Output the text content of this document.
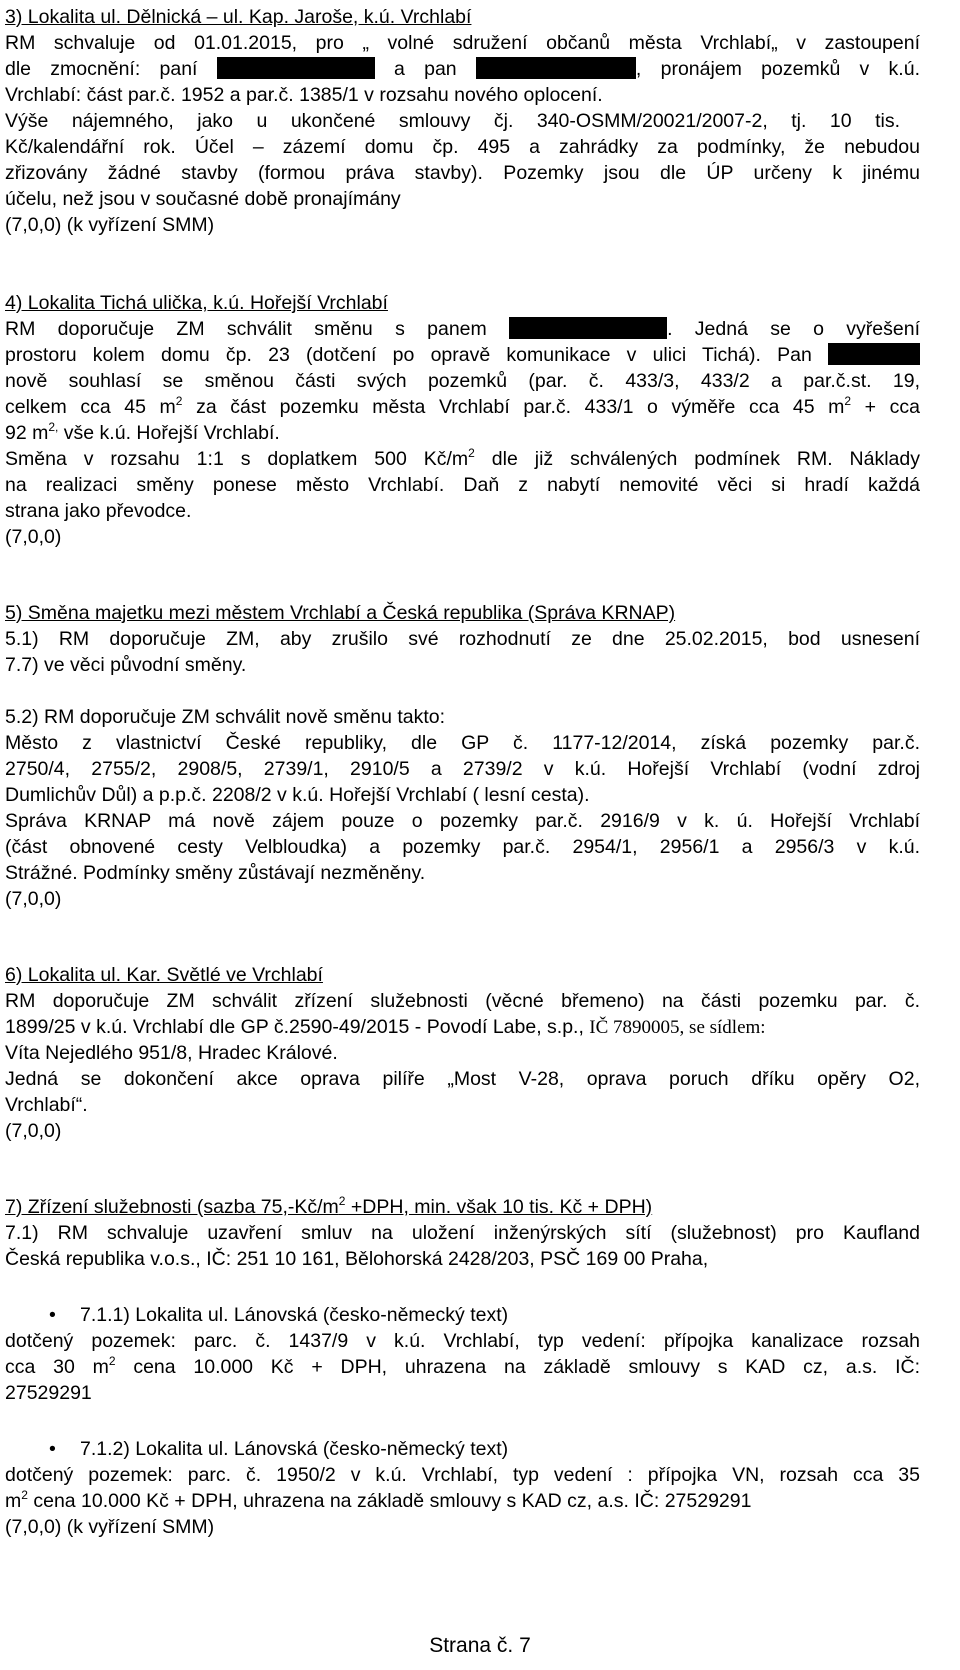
3) Lokalita ul. Dělnická – ul. Kap. Jaroše, k.ú. Vrchlabí
RM schvaluje od 01.01.2015, pro „ volné sdružení občanů města Vrchlabí„ v zastoupení
dle zmocnění: paní	a pan	, pronájem pozemků v k.ú.
Vrchlabí: část par.č. 1952 a par.č. 1385/1 v rozsahu nového oplocení.
Výše nájemného, jako u ukončené smlouvy čj. 340-OSMM/20021/2007-2, tj. 10 tis.
Kč/kalendářní rok. Účel – zázemí domu čp. 495 a zahrádky za podmínky, že nebudou
zřizovány žádné stavby (formou práva stavby). Pozemky jsou dle ÚP určeny k jinému
účelu, než jsou v současné době pronajímány
(7,0,0) (k vyřízení SMM)
4) Lokalita Tichá ulička, k.ú. Hořejší Vrchlabí
RM doporučuje ZM schválit směnu s panem	. Jedná se o vyřešení
prostoru kolem domu čp. 23 (dotčení po opravě komunikace v ulici Tichá). Pan
nově souhlasí se směnou části svých pozemků (par. č. 433/3, 433/2 a par.č.st. 19,
celkem cca 45 $m^2$ za část pozemku města Vrchlabí par.č. 433/1 o výměře cca 45 $m^2$ + cca
92 $m^{2,}$ vše k.ú. Hořejší Vrchlabí.
Směna v rozsahu 1:1 s doplatkem 500 $Kč/m^2$ dle již schválených podmínek RM. Náklady
na realizaci směny ponese město Vrchlabí. Daň z nabytí nemovité věci si hradí každá
strana jako převodce.
(7,0,0)
5) Směna majetku mezi městem Vrchlabí a Česká republika (Správa KRNAP)
5.1) RM doporučuje ZM, aby zrušilo své rozhodnutí ze dne 25.02.2015, bod usnesení
7.7) ve věci původní směny.
5.2) RM doporučuje ZM schválit nově směnu takto:
Město z vlastnictví České republiky, dle GP č. 1177-12/2014, získá pozemky par.č.
2750/4, 2755/2, 2908/5, 2739/1, 2910/5 a 2739/2 v k.ú. Hořejší Vrchlabí (vodní zdroj
Dumlichův Důl) a p.p.č. 2208/2 v k.ú. Hořejší Vrchlabí ( lesní cesta).
Správa KRNAP má nově zájem pouze o pozemky par.č. 2916/9 v k. ú. Hořejší Vrchlabí
(část obnovené cesty Velbloudka) a pozemky par.č. 2954/1, 2956/1 a 2956/3 v k.ú.
Strážné. Podmínky směny zůstávají nezměněny.
(7,0,0)
6) Lokalita ul. Kar. Světlé ve Vrchlabí
RM doporučuje ZM schválit zřízení služebnosti (věcné břemeno) na části pozemku par. č.
1899/25 v k.ú. Vrchlabí dle GP č.2590-49/2015 - Povodí Labe, s.p., IČ 7890005, se sídlem:
Víta Nejedlého 951/8, Hradec Králové.
Jedná se dokončení akce oprava pilíře „Most V-28, oprava poruch dříku opěry O2,
Vrchlabí“.
(7,0,0)
7) Zřízení služebnosti (sazba $75,-Kč/m^2 +DPH$, min. však 10 tis. Kč + DPH)
7.1) RM schvaluje uzavření smluv na uložení inženýrských sítí (služebnost) pro Kaufland
Česká republika v.o.s., IČ: 251 10 161, Bělohorská 2428/203, PSČ 169 00 Praha,
• 7.1.1) Lokalita ul. Lánovská (česko-německý text)
dotčený pozemek: parc. č. 1437/9 v k.ú. Vrchlabí, typ vedení: přípojka kanalizace rozsah
cca 30 $m^2$ cena 10.000 Kč + DPH, uhrazena na základě smlouvy s KAD cz, a.s. IČ:
27529291
• 7.1.2) Lokalita ul. Lánovská (česko-německý text)
dotčený pozemek: parc. č. 1950/2 v k.ú. Vrchlabí, typ vedení : přípojka VN, rozsah cca 35
$m^2$ cena 10.000 Kč + DPH, uhrazena na základě smlouvy s KAD cz, a.s. IČ: 27529291
(7,0,0) (k vyřízení SMM)
Strana č. 7
